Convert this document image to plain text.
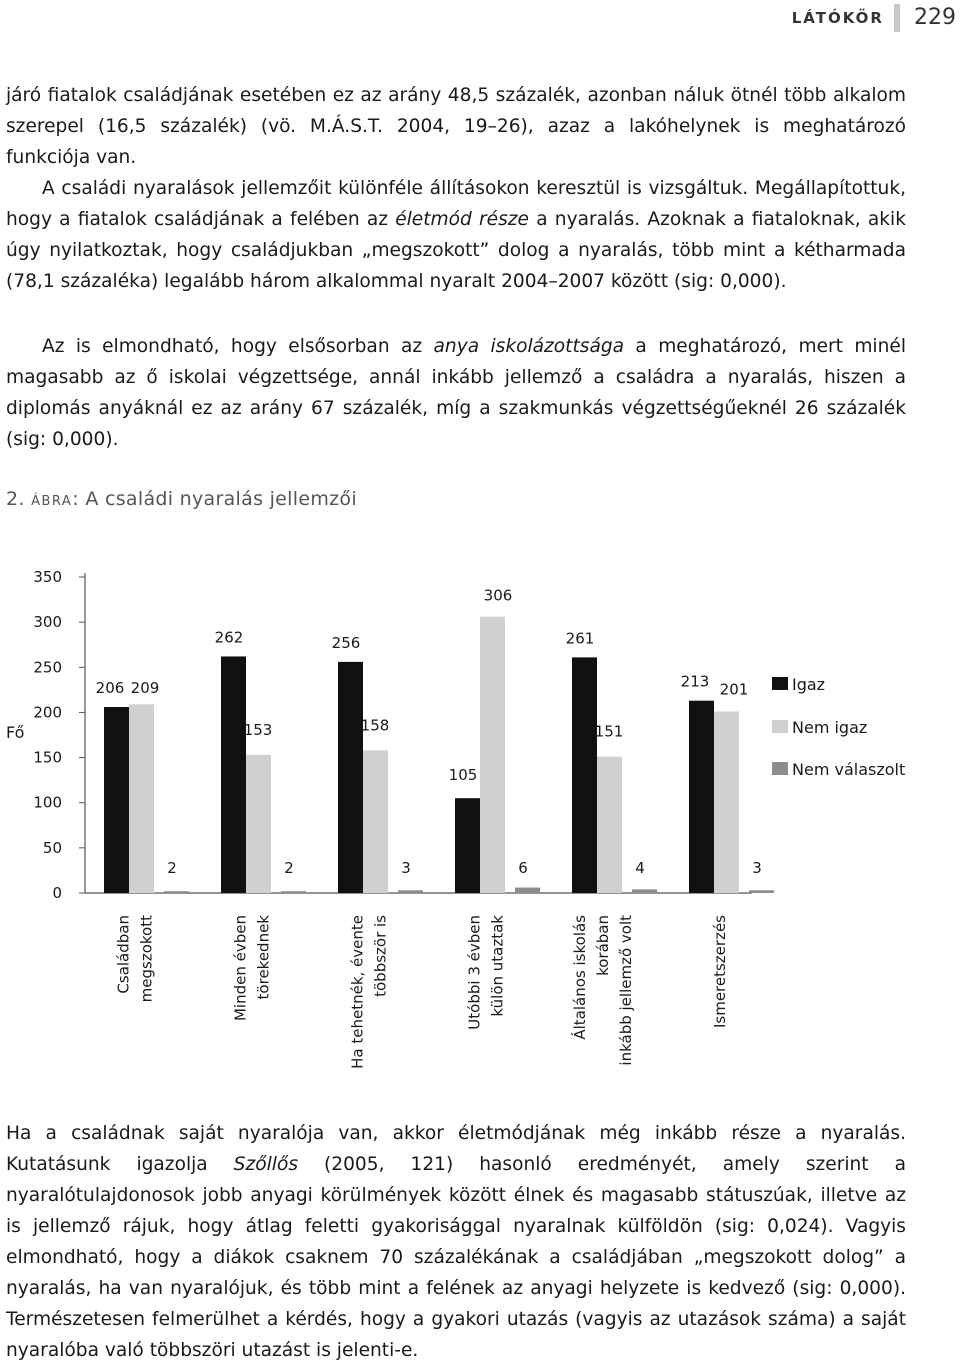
LÁTÓKÖR 229

járó fiatalok családjának esetében ez az arány 48,5 százalék, azonban náluk ötnél több alkalom szerepel (16,5 százalék) (vö. M.Á.S.T. 2004, 19–26), azaz a lakóhelynek is meghatározó funkciója van.

A családi nyaralások jellemzőit különféle állításokon keresztül is vizsgáltuk. Megállapítottuk, hogy a fiatalok családjának a felében az életmód része a nyaralás. Azoknak a fiataloknak, akik úgy nyilatkoztak, hogy családjukban „megszokott” dolog a nyaralás, több mint a kétharmada (78,1 százaléka) legalább három alkalommal nyaralt 2004–2007 között (sig: 0,000).

Az is elmondható, hogy elsősorban az anya iskolázottsága a meghatározó, mert minél magasabb az ő iskolai végzettsége, annál inkább jellemző a családra a nyaralás, hiszen a diplomás anyáknál ez az arány 67 százalék, míg a szakmunkás végzettségűeknél 26 százalék (sig: 0,000).

2. ábra: A családi nyaralás jellemzői
0
50
100
150
200
250
300
350
Fő
206
262	256
105
261
213
209
153	158
306
151
201
2	2	3	6	4	3
Családban megszokott	Minden évben törekednek	Ha tehetnék, évente többször is	Utóbbi 3 évben külön utaztak	Általános iskolás korában inkább jellemző volt	Ismeretszerzés
Igaz
Nem igaz
Nem válaszolt

Ha a családnak saját nyaralója van, akkor életmódjának még inkább része a nyaralás. Kutatásunk igazolja Szőllős (2005, 121) hasonló eredményét, amely szerint a nyaralótulajdonosok jobb anyagi körülmények között élnek és magasabb státuszúak, illetve az is jellemző rájuk, hogy átlag feletti gyakorisággal nyaralnak külföldön (sig: 0,024). Vagyis elmondható, hogy a diákok csaknem 70 százalékának a családjában „megszokott dolog” a nyaralás, ha van nyaralójuk, és több mint a felének az anyagi helyzete is kedvező (sig: 0,000). Természetesen felmerülhet a kérdés, hogy a gyakori utazás (vagyis az utazások száma) a saját nyaralóba való többszöri utazást is jelenti-e.
